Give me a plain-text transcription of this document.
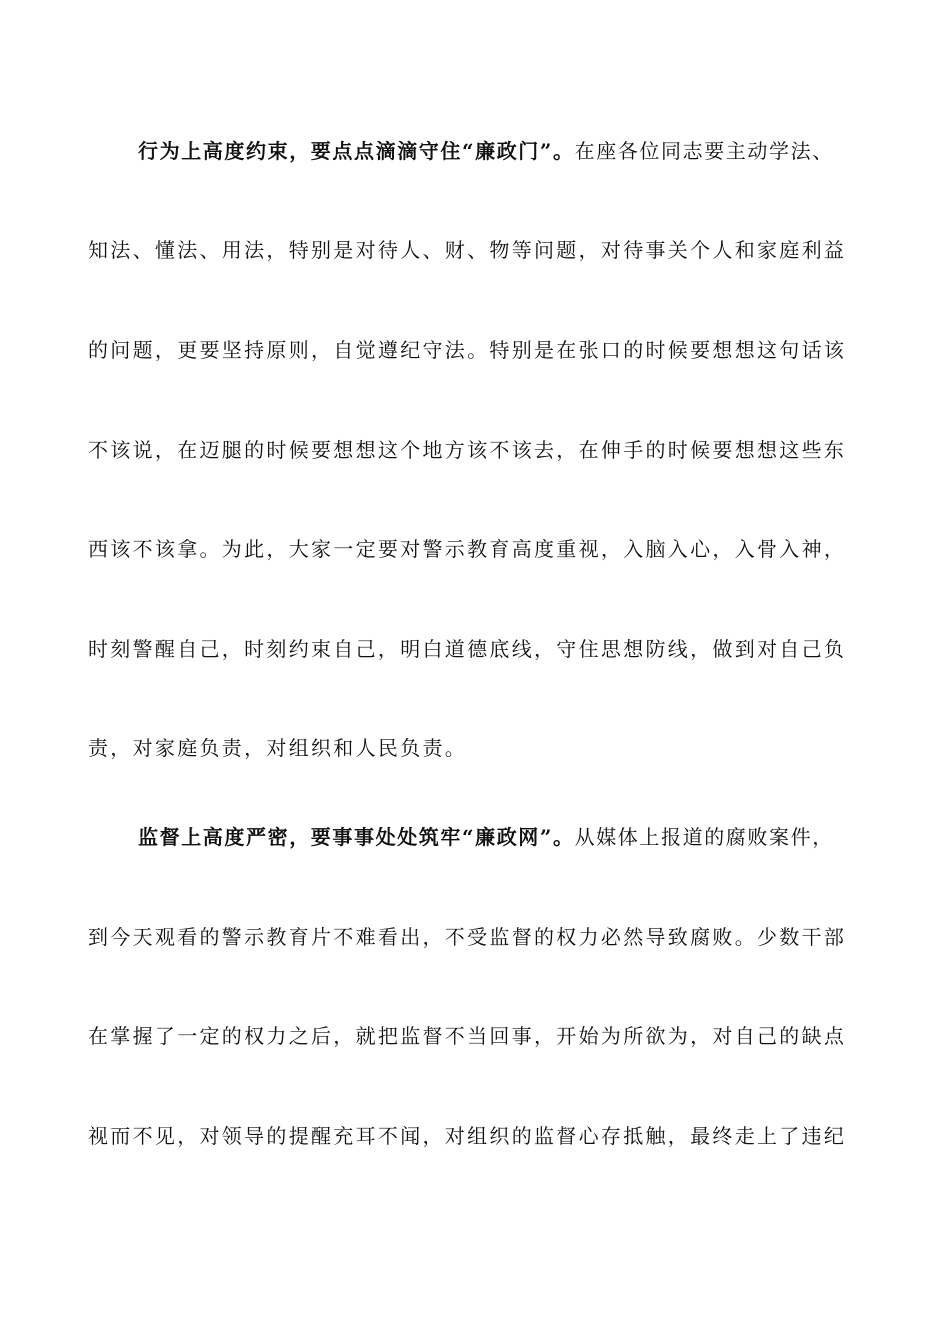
行为上高度约束，要点点滴滴守住“廉政门”。在座各位同志要主动学法、
知法、懂法、用法，特别是对待人、财、物等问题，对待事关个人和家庭利益
的问题，更要坚持原则，自觉遵纪守法。特别是在张口的时候要想想这句话该
不该说，在迈腿的时候要想想这个地方该不该去，在伸手的时候要想想这些东
西该不该拿。为此，大家一定要对警示教育高度重视，入脑入心，入骨入神，
时刻警醒自己，时刻约束自己，明白道德底线，守住思想防线，做到对自己负
责，对家庭负责，对组织和人民负责。
监督上高度严密，要事事处处筑牢“廉政网”。从媒体上报道的腐败案件，
到今天观看的警示教育片不难看出，不受监督的权力必然导致腐败。少数干部
在掌握了一定的权力之后，就把监督不当回事，开始为所欲为，对自己的缺点
视而不见，对领导的提醒充耳不闻，对组织的监督心存抵触，最终走上了违纪
